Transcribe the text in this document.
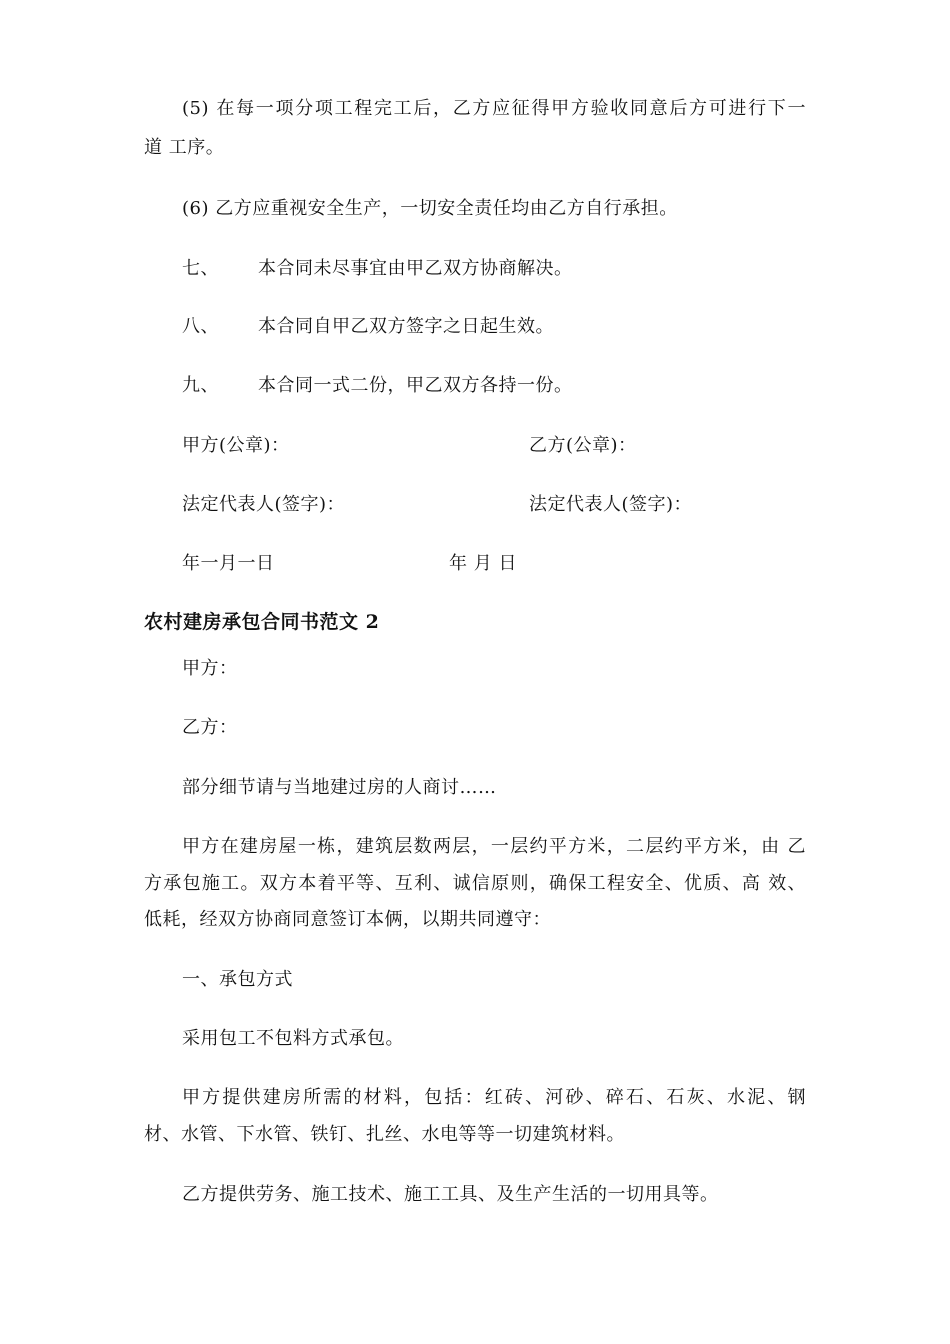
(5) 在每一项分项工程完工后，乙方应征得甲方验收同意后方可进行下一
道 工序。
(6) 乙方应重视安全生产，一切安全责任均由乙方自行承担。
七、 本合同未尽事宜由甲乙双方协商解决。
八、 本合同自甲乙双方签字之日起生效。
九、 本合同一式二份，甲乙双方各持一份。
甲方(公章)：	乙方(公章)：
法定代表人(签字)：	法定代表人(签字)：
年一月一日	年 月 日
农村建房承包合同书范文 2
甲方：
乙方：
部分细节请与当地建过房的人商讨……
甲方在建房屋一栋，建筑层数两层，一层约平方米，二层约平方米，由 乙
方承包施工。双方本着平等、互利、诚信原则，确保工程安全、优质、高 效、
低耗，经双方协商同意签订本俩，以期共同遵守：
一、承包方式
采用包工不包料方式承包。
甲方提供建房所需的材料，包括：红砖、河砂、碎石、石灰、水泥、钢
材、水管、下水管、铁钉、扎丝、水电等等一切建筑材料。
乙方提供劳务、施工技术、施工工具、及生产生活的一切用具等。
